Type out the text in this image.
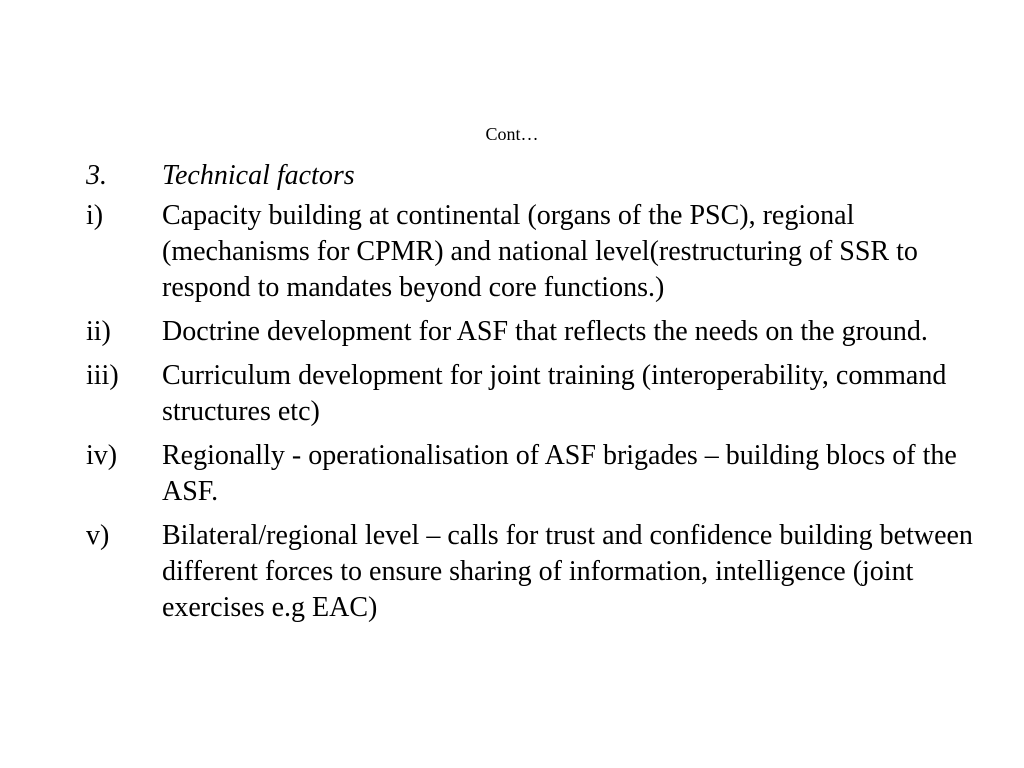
Cont…
3.	Technical factors
i)	Capacity building at continental (organs of the PSC), regional (mechanisms for CPMR) and national level(restructuring of SSR to respond to mandates beyond core functions.)
ii)	Doctrine development for ASF that reflects the needs on the ground.
iii)	Curriculum development for joint training (interoperability, command structures etc)
iv)	Regionally - operationalisation of ASF brigades – building blocs of the ASF.
v)	Bilateral/regional level – calls for trust and confidence building between different forces to ensure sharing of information, intelligence (joint exercises e.g EAC)
